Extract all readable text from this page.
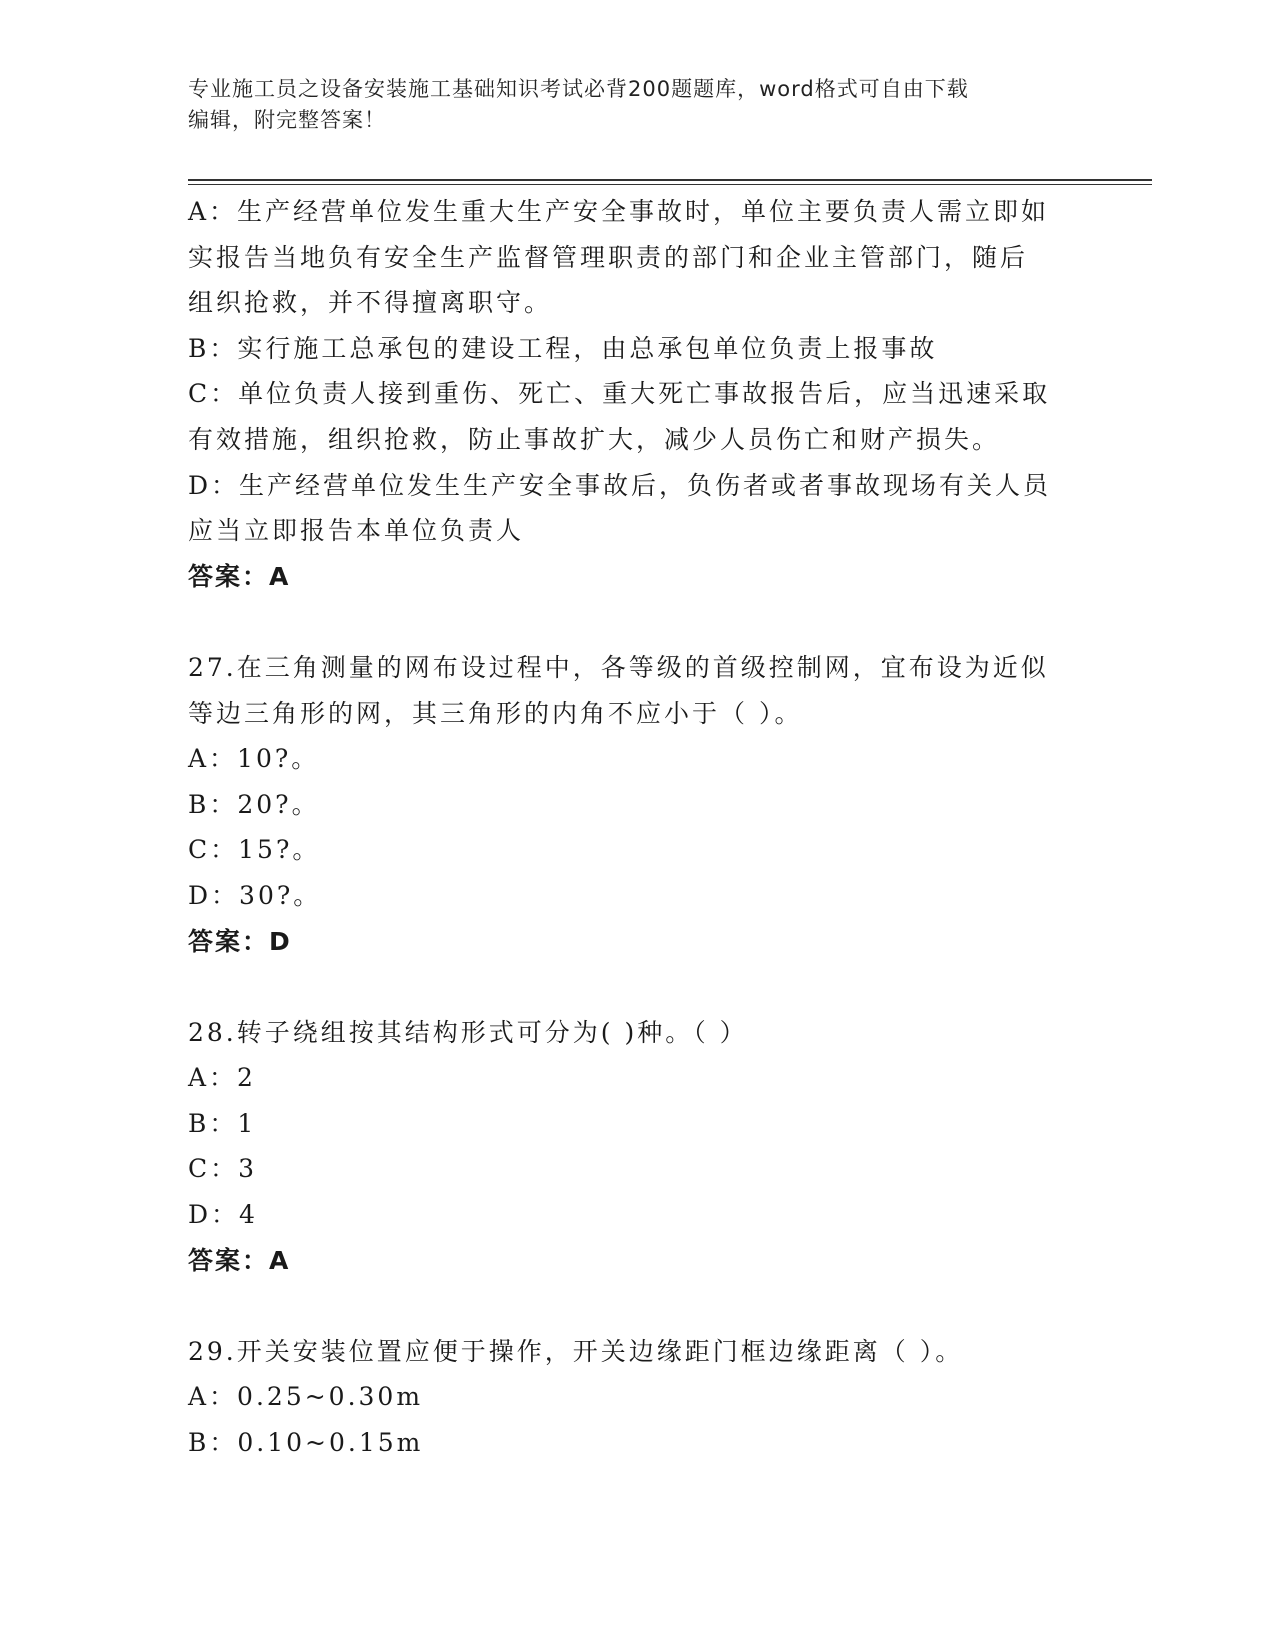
专业施工员之设备安装施工基础知识考试必背200题题库，word格式可自由下载
编辑，附完整答案！
A：生产经营单位发生重大生产安全事故时，单位主要负责人需立即如
实报告当地负有安全生产监督管理职责的部门和企业主管部门，随后
组织抢救，并不得擅离职守。
B：实行施工总承包的建设工程，由总承包单位负责上报事故
C：单位负责人接到重伤、死亡、重大死亡事故报告后，应当迅速采取
有效措施，组织抢救，防止事故扩大，减少人员伤亡和财产损失。
D：生产经营单位发生生产安全事故后，负伤者或者事故现场有关人员
应当立即报告本单位负责人
答案：A
27.在三角测量的网布设过程中，各等级的首级控制网，宜布设为近似
等边三角形的网，其三角形的内角不应小于（ ）。
A：10?。
B：20?。
C：15?。
D：30?。
答案：D
28.转子绕组按其结构形式可分为( )种。（ ）
A：2
B：1
C：3
D：4
答案：A
29.开关安装位置应便于操作，开关边缘距门框边缘距离（ ）。
A：0.25~0.30m
B：0.10~0.15m
